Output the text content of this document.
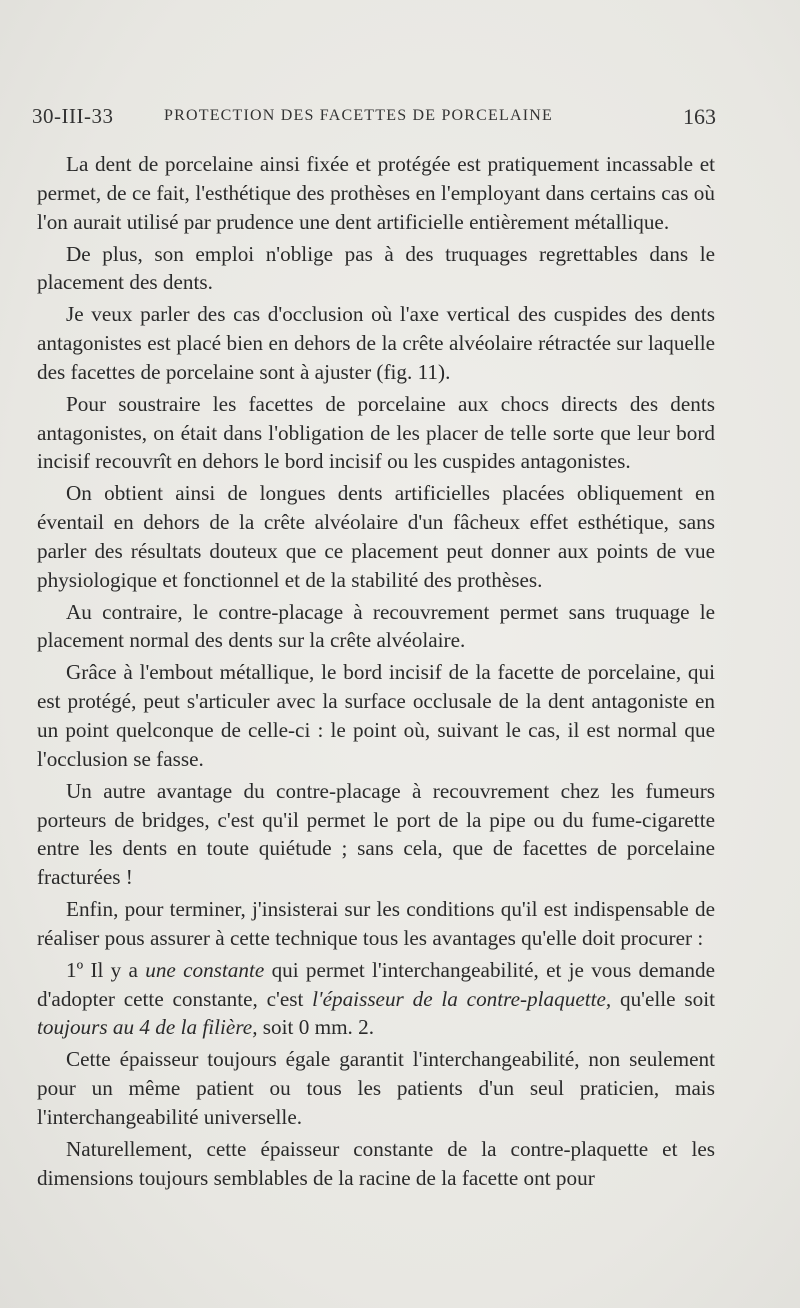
30-III-33	PROTECTION DES FACETTES DE PORCELAINE	163

La dent de porcelaine ainsi fixée et protégée est pratiquement incassable et permet, de ce fait, l'esthétique des prothèses en l'employant dans certains cas où l'on aurait utilisé par prudence une dent artificielle entièrement métallique.

De plus, son emploi n'oblige pas à des truquages regrettables dans le placement des dents.

Je veux parler des cas d'occlusion où l'axe vertical des cuspides des dents antagonistes est placé bien en dehors de la crête alvéolaire rétractée sur laquelle des facettes de porcelaine sont à ajuster (fig. 11).

Pour soustraire les facettes de porcelaine aux chocs directs des dents antagonistes, on était dans l'obligation de les placer de telle sorte que leur bord incisif recouvrît en dehors le bord incisif ou les cuspides antagonistes.

On obtient ainsi de longues dents artificielles placées obliquement en éventail en dehors de la crête alvéolaire d'un fâcheux effet esthétique, sans parler des résultats douteux que ce placement peut donner aux points de vue physiologique et fonctionnel et de la stabilité des prothèses.

Au contraire, le contre-placage à recouvrement permet sans truquage le placement normal des dents sur la crête alvéolaire.

Grâce à l'embout métallique, le bord incisif de la facette de porcelaine, qui est protégé, peut s'articuler avec la surface occlusale de la dent antagoniste en un point quelconque de celle-ci : le point où, suivant le cas, il est normal que l'occlusion se fasse.

Un autre avantage du contre-placage à recouvrement chez les fumeurs porteurs de bridges, c'est qu'il permet le port de la pipe ou du fume-cigarette entre les dents en toute quiétude ; sans cela, que de facettes de porcelaine fracturées !

Enfin, pour terminer, j'insisterai sur les conditions qu'il est indispensable de réaliser pous assurer à cette technique tous les avantages qu'elle doit procurer :

1º Il y a une constante qui permet l'interchangeabilité, et je vous demande d'adopter cette constante, c'est l'épaisseur de la contre-plaquette, qu'elle soit toujours au 4 de la filière, soit 0 mm. 2.

Cette épaisseur toujours égale garantit l'interchangeabilité, non seulement pour un même patient ou tous les patients d'un seul praticien, mais l'interchangeabilité universelle.

Naturellement, cette épaisseur constante de la contre-plaquette et les dimensions toujours semblables de la racine de la facette ont pour
